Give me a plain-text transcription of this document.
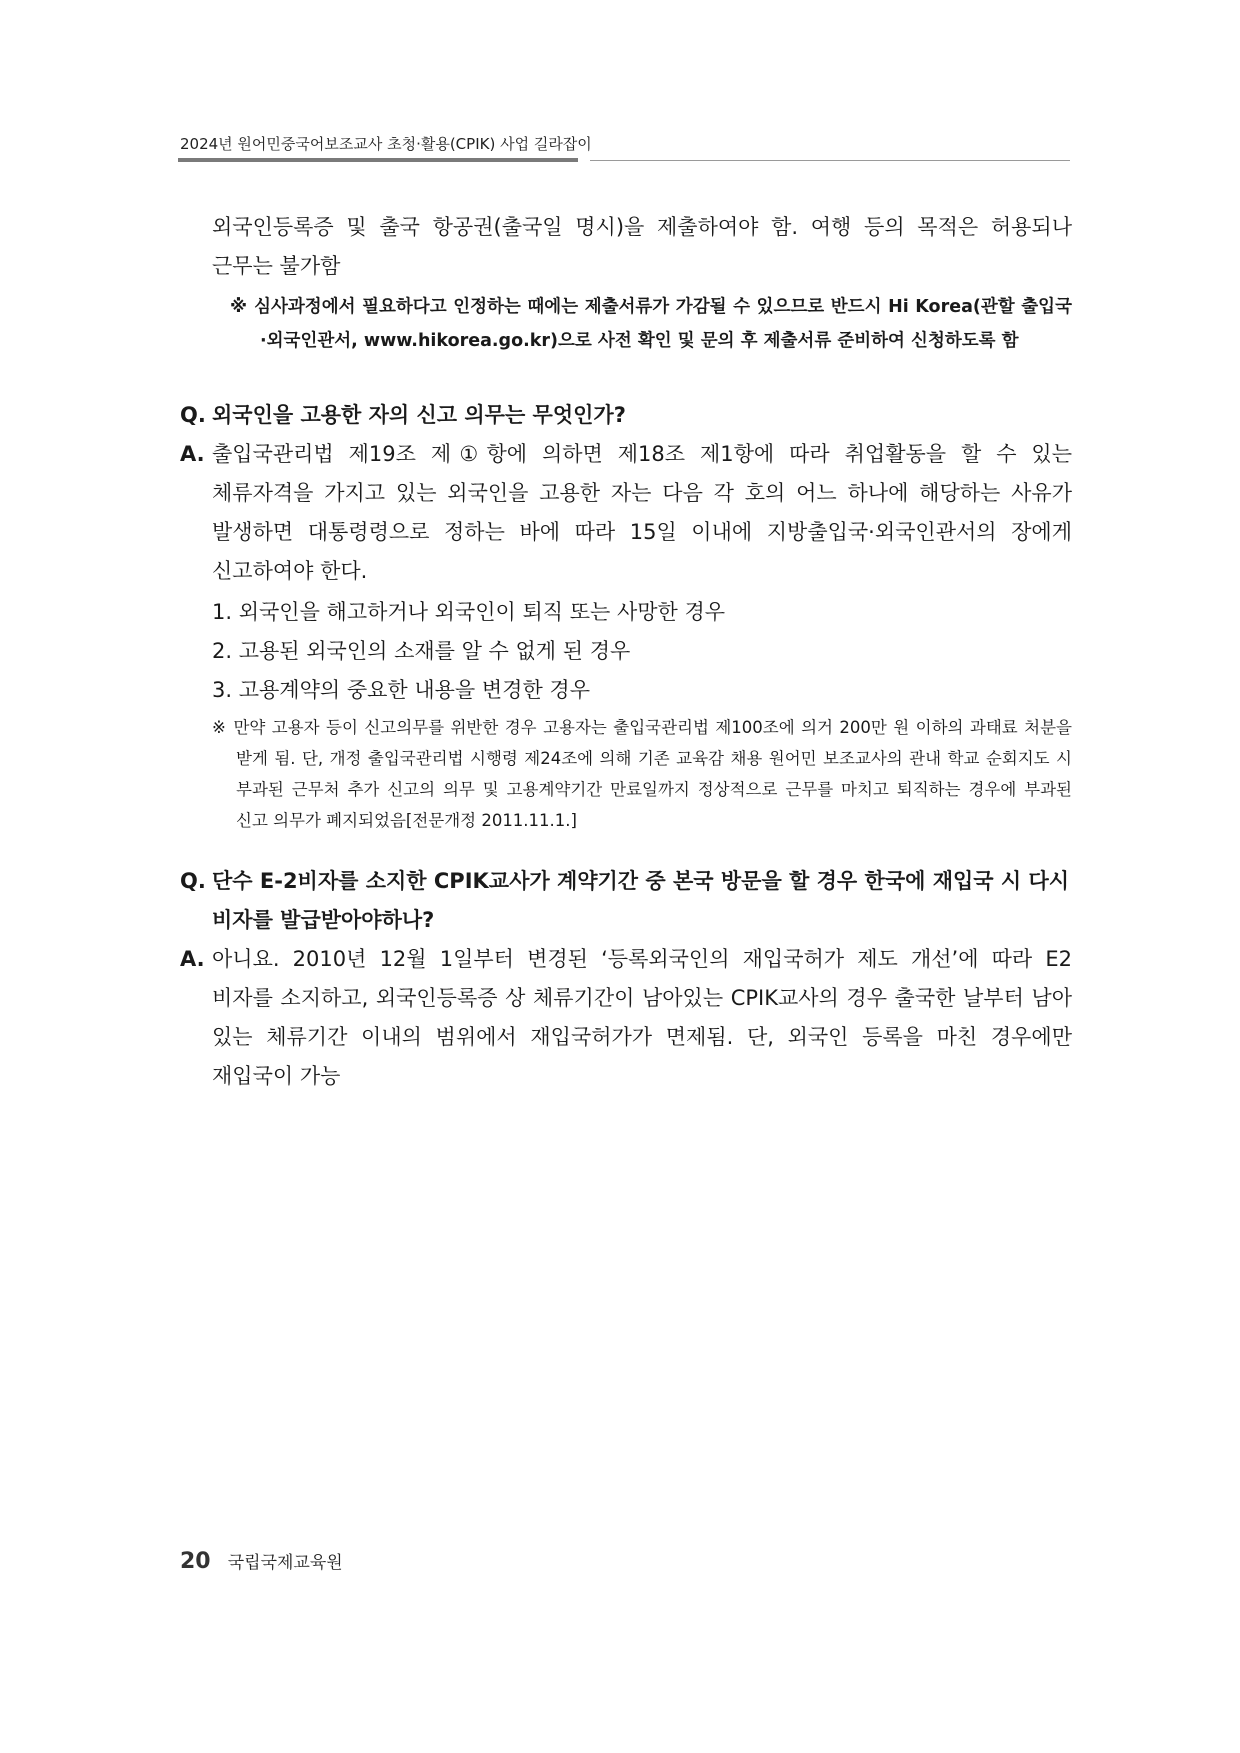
2024년 원어민중국어보조교사 초청·활용(CPIK) 사업 길라잡이

외국인등록증 및 출국 항공권(출국일 명시)을 제출하여야 함. 여행 등의 목적은 허용되나 근무는 불가함

※ 심사과정에서 필요하다고 인정하는 때에는 제출서류가 가감될 수 있으므로 반드시 Hi Korea(관할 출입국·외국인관서, www.hikorea.go.kr)으로 사전 확인 및 문의 후 제출서류 준비하여 신청하도록 함

Q. 외국인을 고용한 자의 신고 의무는 무엇인가?

A. 출입국관리법 제19조 제①항에 의하면 제18조 제1항에 따라 취업활동을 할 수 있는 체류자격을 가지고 있는 외국인을 고용한 자는 다음 각 호의 어느 하나에 해당하는 사유가 발생하면 대통령령으로 정하는 바에 따라 15일 이내에 지방출입국·외국인관서의 장에게 신고하여야 한다.

1. 외국인을 해고하거나 외국인이 퇴직 또는 사망한 경우
2. 고용된 외국인의 소재를 알 수 없게 된 경우
3. 고용계약의 중요한 내용을 변경한 경우

※ 만약 고용자 등이 신고의무를 위반한 경우 고용자는 출입국관리법 제100조에 의거 200만 원 이하의 과태료 처분을 받게 됨. 단, 개정 출입국관리법 시행령 제24조에 의해 기존 교육감 채용 원어민 보조교사의 관내 학교 순회지도 시 부과된 근무처 추가 신고의 의무 및 고용계약기간 만료일까지 정상적으로 근무를 마치고 퇴직하는 경우에 부과된 신고 의무가 폐지되었음[전문개정 2011.11.1.]

Q. 단수 E-2비자를 소지한 CPIK교사가 계약기간 중 본국 방문을 할 경우 한국에 재입국 시 다시 비자를 발급받아야하나?

A. 아니요. 2010년 12월 1일부터 변경된 ‘등록외국인의 재입국허가 제도 개선’에 따라 E2 비자를 소지하고, 외국인등록증 상 체류기간이 남아있는 CPIK교사의 경우 출국한 날부터 남아 있는 체류기간 이내의 범위에서 재입국허가가 면제됨. 단, 외국인 등록을 마친 경우에만 재입국이 가능

20 국립국제교육원
